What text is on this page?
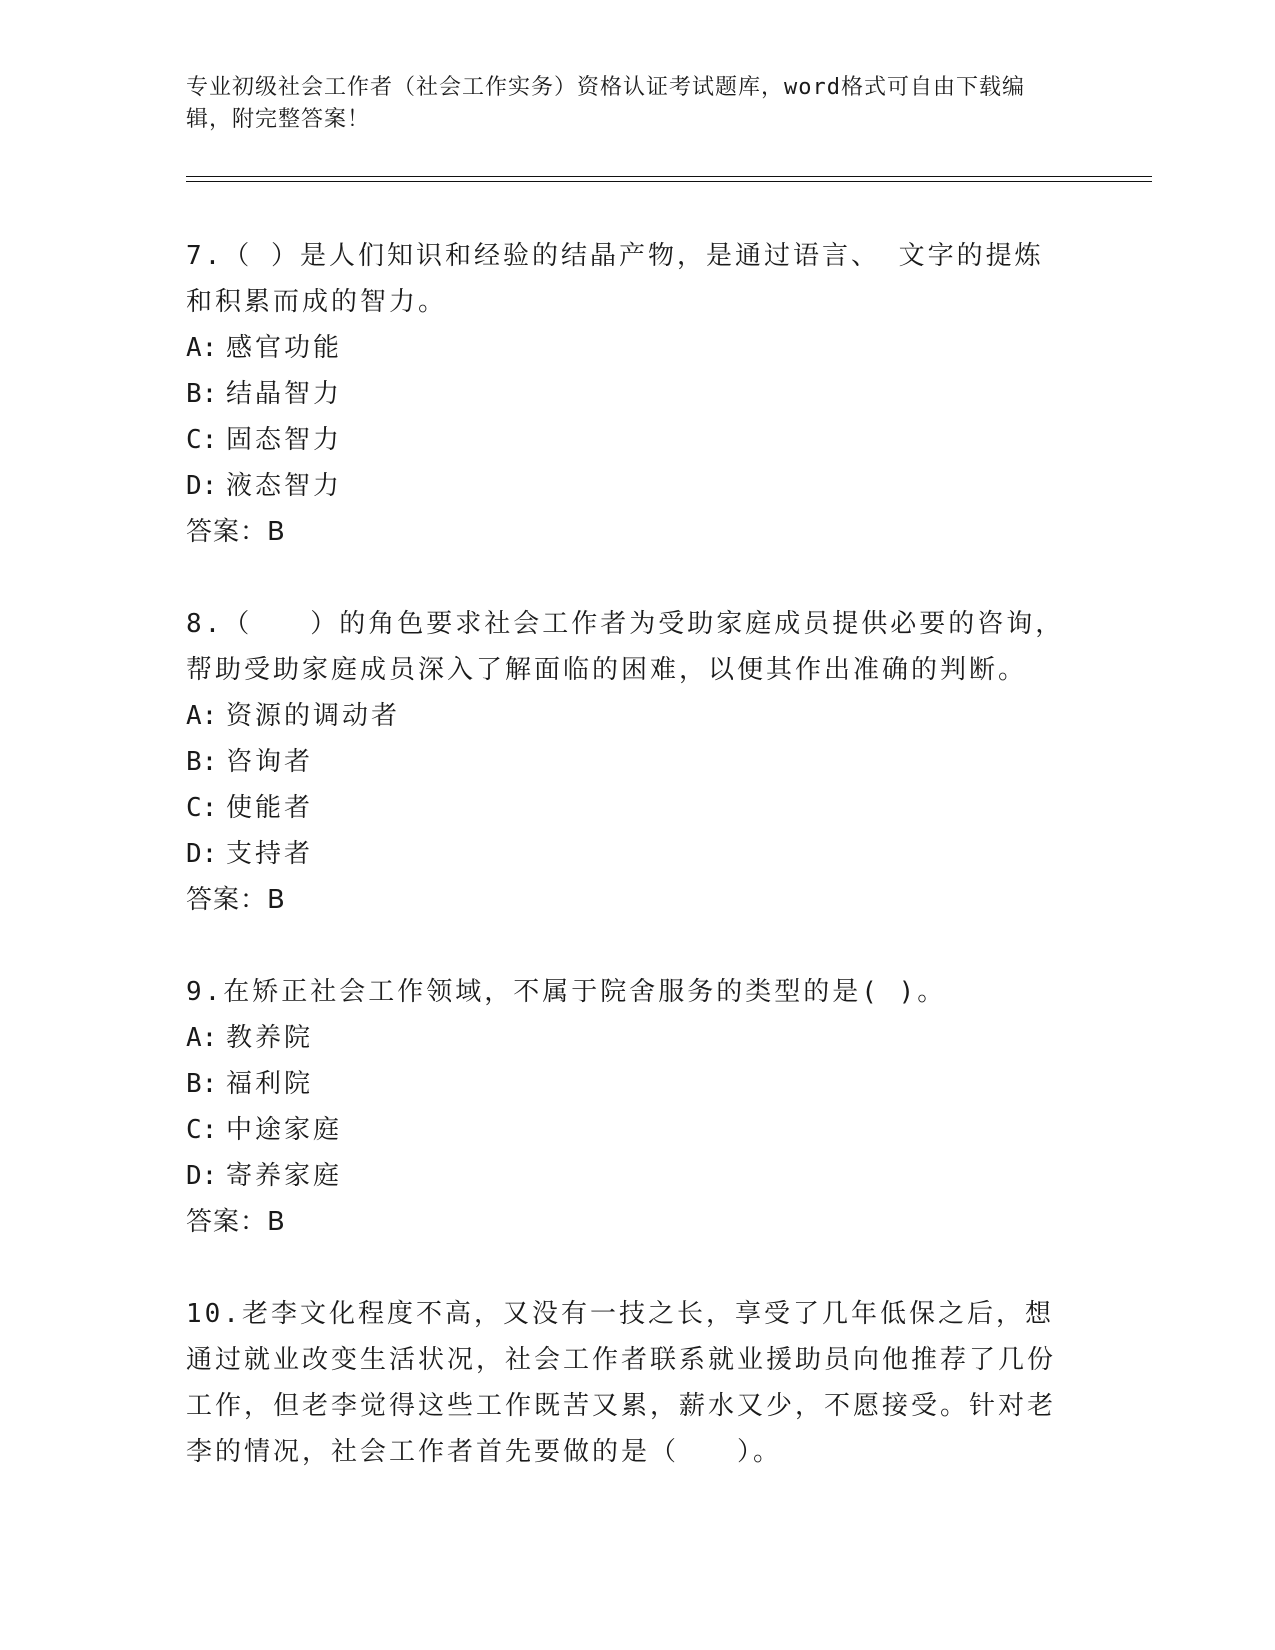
专业初级社会工作者（社会工作实务）资格认证考试题库，word格式可自由下载编辑，附完整答案！

7.（ ）是人们知识和经验的结晶产物，是通过语言、 文字的提炼和积累而成的智力。

A: 感官功能

B: 结晶智力

C: 固态智力

D: 液态智力

答案：B

8.（　　）的角色要求社会工作者为受助家庭成员提供必要的咨询，帮助受助家庭成员深入了解面临的困难，以便其作出准确的判断。

A: 资源的调动者

B: 咨询者

C: 使能者

D: 支持者

答案：B

9.在矫正社会工作领域，不属于院舍服务的类型的是( )。

A: 教养院

B: 福利院

C: 中途家庭

D: 寄养家庭

答案：B

10.老李文化程度不高，又没有一技之长，享受了几年低保之后，想通过就业改变生活状况，社会工作者联系就业援助员向他推荐了几份工作，但老李觉得这些工作既苦又累，薪水又少，不愿接受。针对老李的情况，社会工作者首先要做的是（　　）。
